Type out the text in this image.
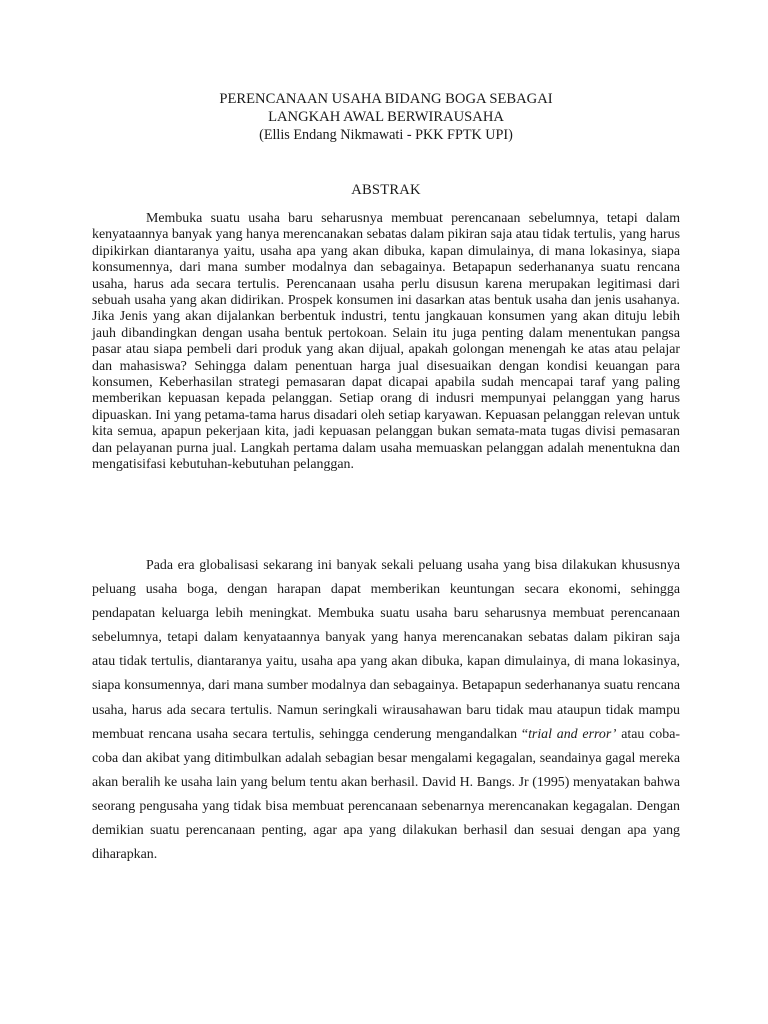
PERENCANAAN USAHA BIDANG BOGA SEBAGAI
LANGKAH AWAL BERWIRAUSAHA
(Ellis Endang Nikmawati - PKK FPTK UPI)
ABSTRAK

Membuka suatu usaha baru seharusnya membuat perencanaan sebelumnya, tetapi dalam kenyataannya banyak yang hanya merencanakan sebatas dalam pikiran saja atau tidak tertulis, yang harus dipikirkan diantaranya yaitu, usaha apa yang akan dibuka, kapan dimulainya, di mana lokasinya, siapa konsumennya, dari mana sumber modalnya dan sebagainya. Betapapun sederhananya suatu rencana usaha, harus ada secara tertulis. Perencanaan usaha perlu disusun karena merupakan legitimasi dari sebuah usaha yang akan didirikan. Prospek konsumen ini dasarkan atas bentuk usaha dan jenis usahanya. Jika Jenis yang akan dijalankan berbentuk industri, tentu jangkauan konsumen yang akan dituju lebih jauh dibandingkan dengan usaha bentuk pertokoan. Selain itu juga penting dalam menentukan pangsa pasar atau siapa pembeli dari produk yang akan dijual, apakah golongan menengah ke atas atau pelajar dan mahasiswa? Sehingga dalam penentuan harga jual disesuaikan dengan kondisi keuangan para konsumen, Keberhasilan strategi pemasaran dapat dicapai apabila sudah mencapai taraf yang paling memberikan kepuasan kepada pelanggan. Setiap orang di indusri mempunyai pelanggan yang harus dipuaskan. Ini yang petama-tama harus disadari oleh setiap karyawan. Kepuasan pelanggan relevan untuk kita semua, apapun pekerjaan kita, jadi kepuasan pelanggan bukan semata-mata tugas divisi pemasaran dan pelayanan purna jual. Langkah pertama dalam usaha memuaskan pelanggan adalah menentukna dan mengatisifasi kebutuhan-kebutuhan pelanggan.

Pada era globalisasi sekarang ini banyak sekali peluang usaha yang bisa dilakukan khususnya peluang usaha boga, dengan harapan dapat memberikan keuntungan secara ekonomi, sehingga pendapatan keluarga lebih meningkat. Membuka suatu usaha baru seharusnya membuat perencanaan sebelumnya, tetapi dalam kenyataannya banyak yang hanya merencanakan sebatas dalam pikiran saja atau tidak tertulis, diantaranya yaitu, usaha apa yang akan dibuka, kapan dimulainya, di mana lokasinya, siapa konsumennya, dari mana sumber modalnya dan sebagainya. Betapapun sederhananya suatu rencana usaha, harus ada secara tertulis. Namun seringkali wirausahawan baru tidak mau ataupun tidak mampu membuat rencana usaha secara tertulis, sehingga cenderung mengandalkan “trial and error’ atau coba-coba dan akibat yang ditimbulkan adalah sebagian besar mengalami kegagalan, seandainya gagal mereka akan beralih ke usaha lain yang belum tentu akan berhasil. David H. Bangs. Jr (1995) menyatakan bahwa seorang pengusaha yang tidak bisa membuat perencanaan sebenarnya merencanakan kegagalan. Dengan demikian suatu perencanaan penting, agar apa yang dilakukan berhasil dan sesuai dengan apa yang diharapkan.
